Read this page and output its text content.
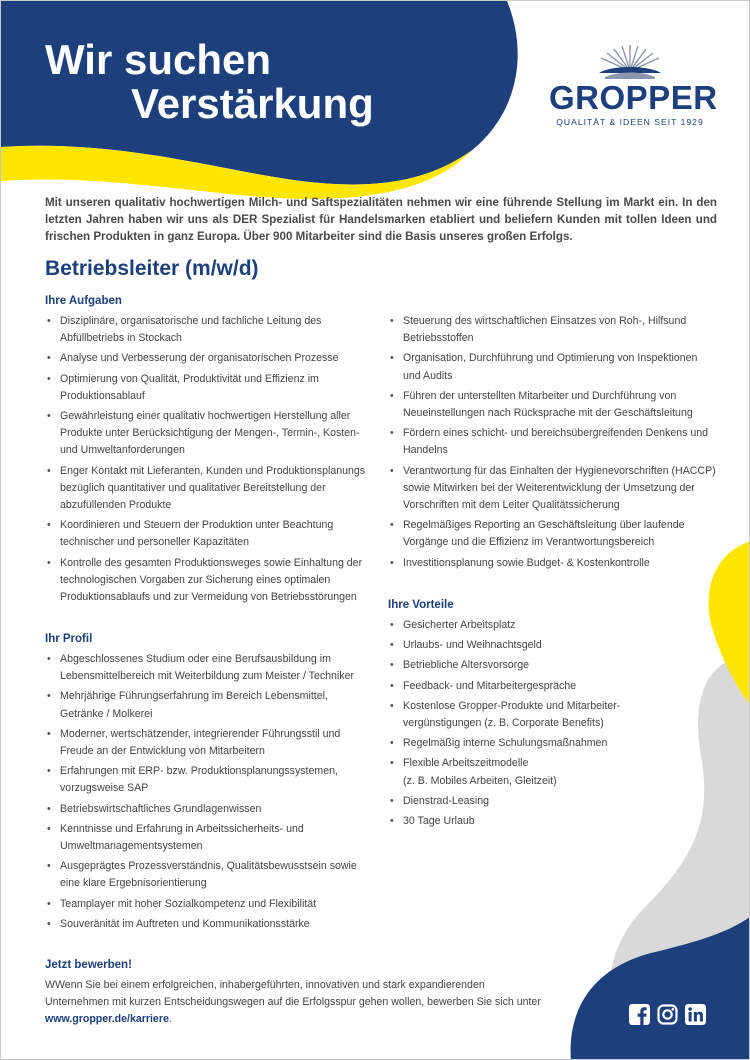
Wir suchen
Verstärkung	GROPPER
QUALITÄT & IDEEN SEIT 1929

Mit unseren qualitativ hochwertigen Milch- und Saftspezialitäten nehmen wir eine führende Stellung im Markt ein. In den letzten Jahren haben wir uns als DER Spezialist für Handelsmarken etabliert und beliefern Kunden mit tollen Ideen und frischen Produkten in ganz Europa. Über 900 Mitarbeiter sind die Basis unseres großen Erfolgs.

Betriebsleiter (m/w/d)
Ihre Aufgaben
• Disziplinäre, organisatorische und fachliche Leitung des Abfüllbetriebs in Stockach
• Analyse und Verbesserung der organisatorischen Prozesse
• Optimierung von Qualität, Produktivität und Effizienz im Produktionsablauf
• Gewährleistung einer qualitativ hochwertigen Herstellung aller Produkte unter Berücksichtigung der Mengen-, Termin-, Kosten- und Umweltanforderungen
• Enger Kontakt mit Lieferanten, Kunden und Produktionsplanungs bezüglich quantitativer und qualitativer Bereitstellung der abzufüllenden Produkte
• Koordinieren und Steuern der Produktion unter Beachtung technischer und personeller Kapazitäten
• Kontrolle des gesamten Produktionsweges sowie Einhaltung der technologischen Vorgaben zur Sicherung eines optimalen Produktionsablaufs und zur Vermeidung von Betriebsstörungen
• Steuerung des wirtschaftlichen Einsatzes von Roh-, Hilfsund Betriebsstoffen
• Organisation, Durchführung und Optimierung von Inspektionen und Audits
• Führen der unterstellten Mitarbeiter und Durchführung von Neueinstellungen nach Rücksprache mit der Geschäftsleitung
• Fördern eines schicht- und bereichsübergreifenden Denkens und Handelns
• Verantwortung für das Einhalten der Hygienevorschriften (HACCP) sowie Mitwirken bei der Weiterentwicklung der Umsetzung der Vorschriften mit dem Leiter Qualitätssicherung
• Regelmäßiges Reporting an Geschäftsleitung über laufende Vorgänge und die Effizienz im Verantwortungsbereich
• Investitionsplanung sowie Budget- & Kostenkontrolle
Ihr Profil
• Abgeschlossenes Studium oder eine Berufsausbildung im Lebensmittelbereich mit Weiterbildung zum Meister / Techniker
• Mehrjährige Führungserfahrung im Bereich Lebensmittel, Getränke / Molkerei
• Moderner, wertschätzender, integrierender Führungsstil und Freude an der Entwicklung von Mitarbeitern
• Erfahrungen mit ERP- bzw. Produktionsplanungssystemen, vorzugsweise SAP
• Betriebswirtschaftliches Grundlagenwissen
• Kenntnisse und Erfahrung in Arbeitssicherheits- und Umweltmanagementsystemen
• Ausgeprägtes Prozessverständnis, Qualitätsbewusstsein sowie eine klare Ergebnisorientierung
• Teamplayer mit hoher Sozialkompetenz und Flexibilität
• Souveränität im Auftreten und Kommunikationsstärke
Ihre Vorteile
• Gesicherter Arbeitsplatz
• Urlaubs- und Weihnachtsgeld
• Betriebliche Altersvorsorge
• Feedback- und Mitarbeitergespräche
• Kostenlose Gropper-Produkte und Mitarbeitervergünstigungen (z. B. Corporate Benefits)
• Regelmäßig interne Schulungsmaßnahmen
• Flexible Arbeitszeitmodelle
(z. B. Mobiles Arbeiten, Gleitzeit)
• Dienstrad-Leasing
• 30 Tage Urlaub
Jetzt bewerben!

WWenn Sie bei einem erfolgreichen, inhabergeführten, innovativen und stark expandierenden Unternehmen mit kurzen Entscheidungswegen auf die Erfolgsspur gehen wollen, bewerben Sie sich unter www.gropper.de/karriere.
